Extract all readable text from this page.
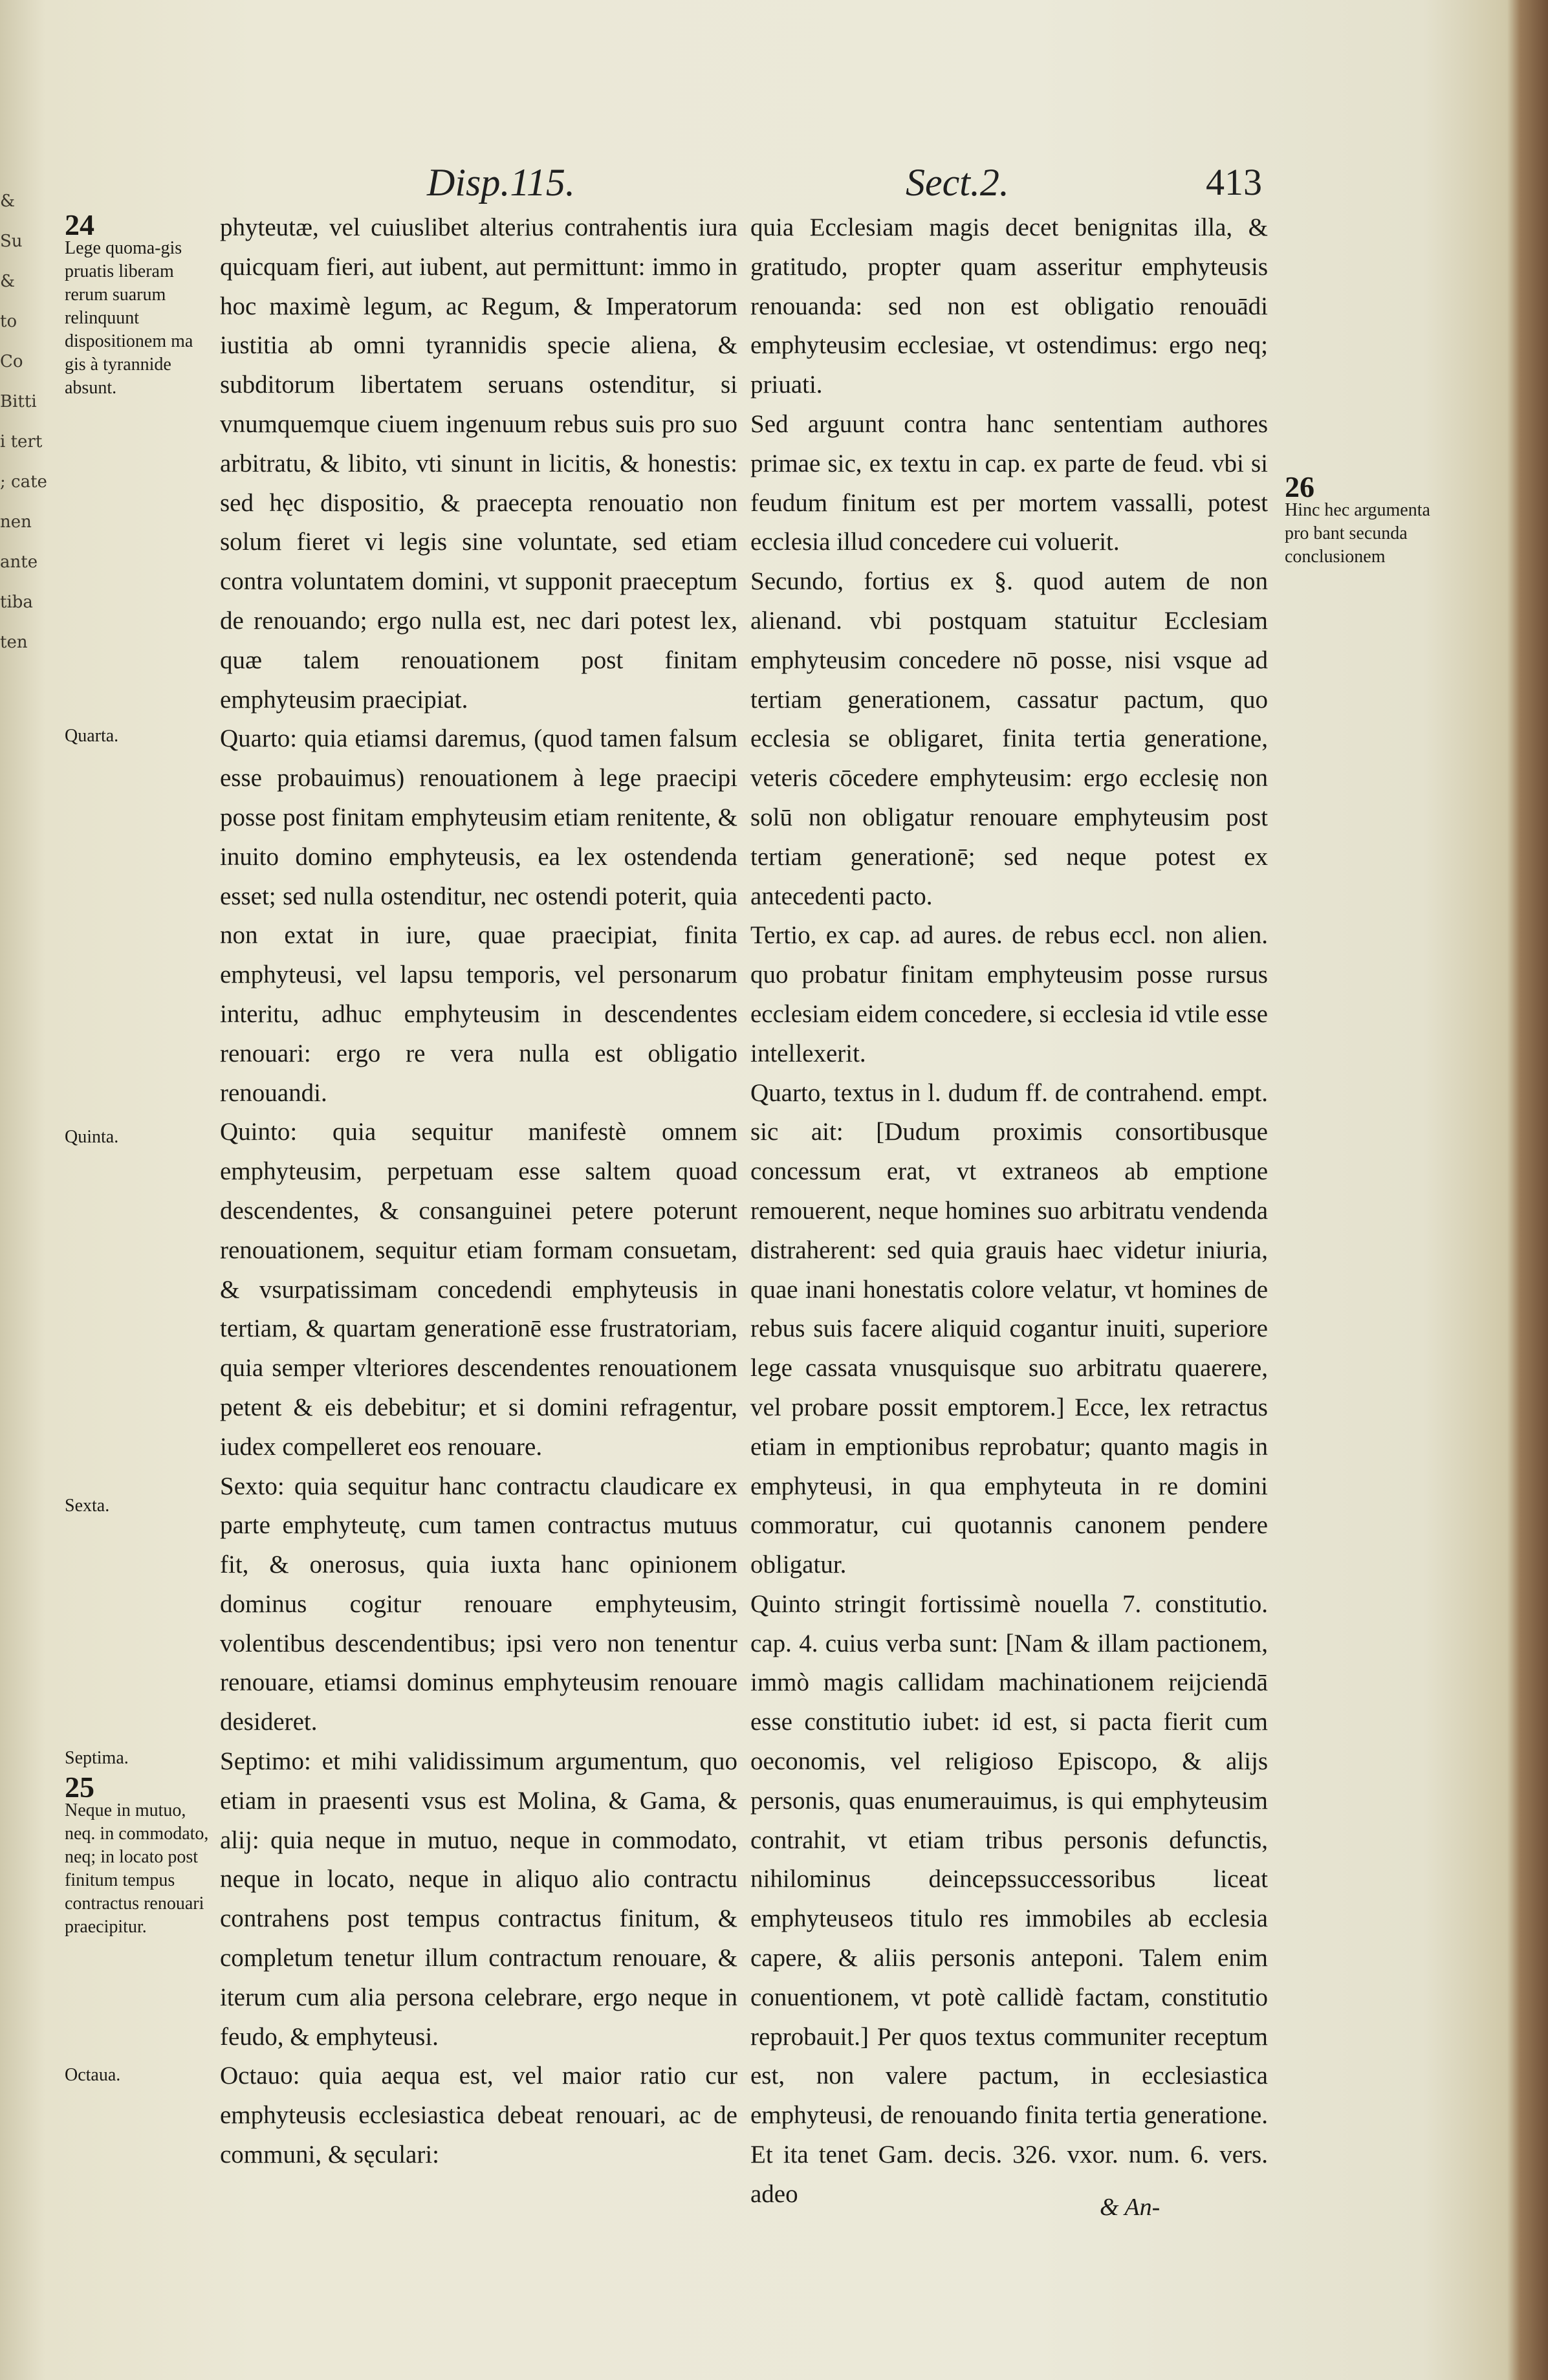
&
Su
&
to
Co
Bitti
i tert
; cate
nen
ante
tiba
ten
Disp.115.	Sect.2.	413
24
Lege quoma-gis pruatis liberam rerum suarum relinquunt dispositionem ma gis à tyrannide absunt.
Quarta.
Quinta.
Sexta.
Septima.
25
Neque in mutuo, neq. in commodato, neq; in locato post finitum tempus contractus renouari praecipitur.
Octaua.
26
Hinc hec argumenta pro bant secunda conclusionem

phyteutæ, vel cuiuslibet alterius contrahentis iura quicquam fieri, aut iubent, aut permittunt: immo in hoc maximè legum, ac Regum, & Imperatorum iustitia ab omni tyrannidis specie aliena, & subditorum libertatem seruans ostenditur, si vnumquemque ciuem ingenuum rebus suis pro suo arbitratu, & libito, vti sinunt in licitis, & honestis: sed hęc dispositio, & praecepta renouatio non solum fieret vi legis sine voluntate, sed etiam contra voluntatem domini, vt supponit praeceptum de renouando; ergo nulla est, nec dari potest lex, quæ talem renouationem post finitam emphyteusim praecipiat.

Quarto: quia etiamsi daremus, (quod tamen falsum esse probauimus) renouationem à lege praecipi posse post finitam emphyteusim etiam renitente, & inuito domino emphyteusis, ea lex ostendenda esset; sed nulla ostenditur, nec ostendi poterit, quia non extat in iure, quae praecipiat, finita emphyteusi, vel lapsu temporis, vel personarum interitu, adhuc emphyteusim in descendentes renouari: ergo re vera nulla est obligatio renouandi.

Quinto: quia sequitur manifestè omnem emphyteusim, perpetuam esse saltem quoad descendentes, & consanguinei petere poterunt renouationem, sequitur etiam formam consuetam, & vsurpatissimam concedendi emphyteusis in tertiam, & quartam generationē esse frustratoriam, quia semper vlteriores descendentes renouationem petent & eis debebitur; et si domini refragentur, iudex compelleret eos renouare.

Sexto: quia sequitur hanc contractu claudicare ex parte emphyteutę, cum tamen contractus mutuus fit, & onerosus, quia iuxta hanc opinionem dominus cogitur renouare emphyteusim, volentibus descendentibus; ipsi vero non tenentur renouare, etiamsi dominus emphyteusim renouare desideret.

Septimo: et mihi validissimum argumentum, quo etiam in praesenti vsus est Molina, & Gama, & alij: quia neque in mutuo, neque in commodato, neque in locato, neque in aliquo alio contractu contrahens post tempus contractus finitum, & completum tenetur illum contractum renouare, & iterum cum alia persona celebrare, ergo neque in feudo, & emphyteusi.

Octauo: quia aequa est, vel maior ratio cur emphyteusis ecclesiastica debeat renouari, ac de communi, & sęculari:

quia Ecclesiam magis decet benignitas illa, & gratitudo, propter quam asseritur emphyteusis renouanda: sed non est obligatio renouādi emphyteusim ecclesiae, vt ostendimus: ergo neq; priuati.

Sed arguunt contra hanc sententiam authores primae sic, ex textu in cap. ex parte de feud. vbi si feudum finitum est per mortem vassalli, potest ecclesia illud concedere cui voluerit.

Secundo, fortius ex §. quod autem de non alienand. vbi postquam statuitur Ecclesiam emphyteusim concedere nō posse, nisi vsque ad tertiam generationem, cassatur pactum, quo ecclesia se obligaret, finita tertia generatione, veteris cōcedere emphyteusim: ergo ecclesię non solū non obligatur renouare emphyteusim post tertiam generationē; sed neque potest ex antecedenti pacto.

Tertio, ex cap. ad aures. de rebus eccl. non alien. quo probatur finitam emphyteusim posse rursus ecclesiam eidem concedere, si ecclesia id vtile esse intellexerit.

Quarto, textus in l. dudum ff. de contrahend. empt. sic ait: [Dudum proximis consortibusque concessum erat, vt extraneos ab emptione remouerent, neque homines suo arbitratu vendenda distraherent: sed quia grauis haec videtur iniuria, quae inani honestatis colore velatur, vt homines de rebus suis facere aliquid cogantur inuiti, superiore lege cassata vnusquisque suo arbitratu quaerere, vel probare possit emptorem.] Ecce, lex retractus etiam in emptionibus reprobatur; quanto magis in emphyteusi, in qua emphyteuta in re domini commoratur, cui quotannis canonem pendere obligatur.

Quinto stringit fortissimè nouella 7. constitutio. cap. 4. cuius verba sunt: [Nam & illam pactionem, immò magis callidam machinationem reijciendā esse constitutio iubet: id est, si pacta fierit cum oeconomis, vel religioso Episcopo, & alijs personis, quas enumerauimus, is qui emphyteusim contrahit, vt etiam tribus personis defunctis, nihilominus deincepssuccessoribus liceat emphyteuseos titulo res immobiles ab ecclesia capere, & aliis personis anteponi. Talem enim conuentionem, vt potè callidè factam, constitutio reprobauit.] Per quos textus communiter receptum est, non valere pactum, in ecclesiastica emphyteusi, de renouando finita tertia generatione. Et ita tenet Gam. decis. 326. vxor. num. 6. vers. adeo	& An-
